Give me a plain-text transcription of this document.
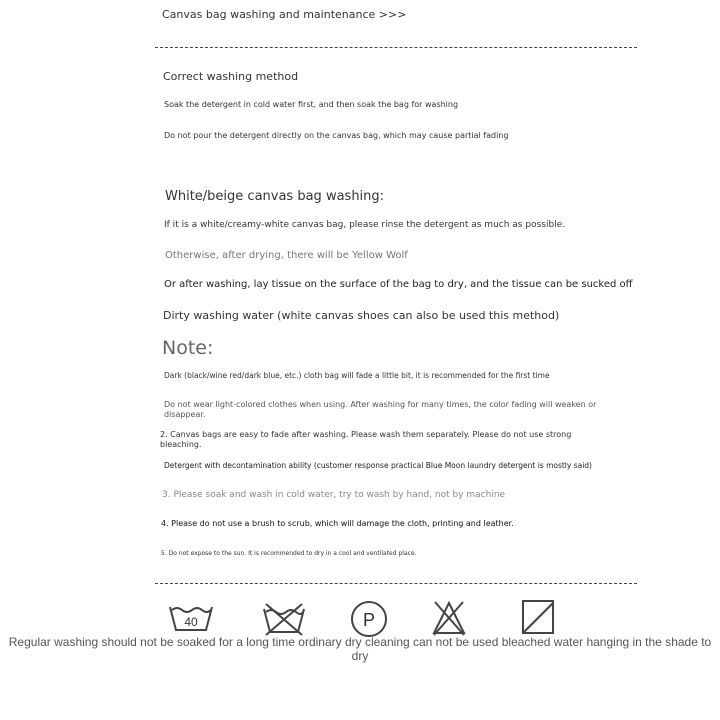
Canvas bag washing and maintenance >>>
Correct washing method
Soak the detergent in cold water first, and then soak the bag for washing
Do not pour the detergent directly on the canvas bag, which may cause partial fading
White/beige canvas bag washing:
If it is a white/creamy-white canvas bag, please rinse the detergent as much as possible.
Otherwise, after drying, there will be Yellow Wolf
Or after washing, lay tissue on the surface of the bag to dry, and the tissue can be sucked off
Dirty washing water (white canvas shoes can also be used this method)
Note:
Dark (black/wine red/dark blue, etc.) cloth bag will fade a little bit, it is recommended for the first time
Do not wear light-colored clothes when using. After washing for many times, the color fading will weaken or disappear.
2. Canvas bags are easy to fade after washing. Please wash them separately. Please do not use strong bleaching.
Detergent with decontamination ability (customer response practical Blue Moon laundry detergent is mostly said)
3. Please soak and wash in cold water, try to wash by hand, not by machine
4. Please do not use a brush to scrub, which will damage the cloth, printing and leather.
5. Do not expose to the sun. It is recommended to dry in a cool and ventilated place.
40	P
Regular washing should not be soaked for a long time ordinary dry cleaning can not be used bleached water hanging in the shade to dry
